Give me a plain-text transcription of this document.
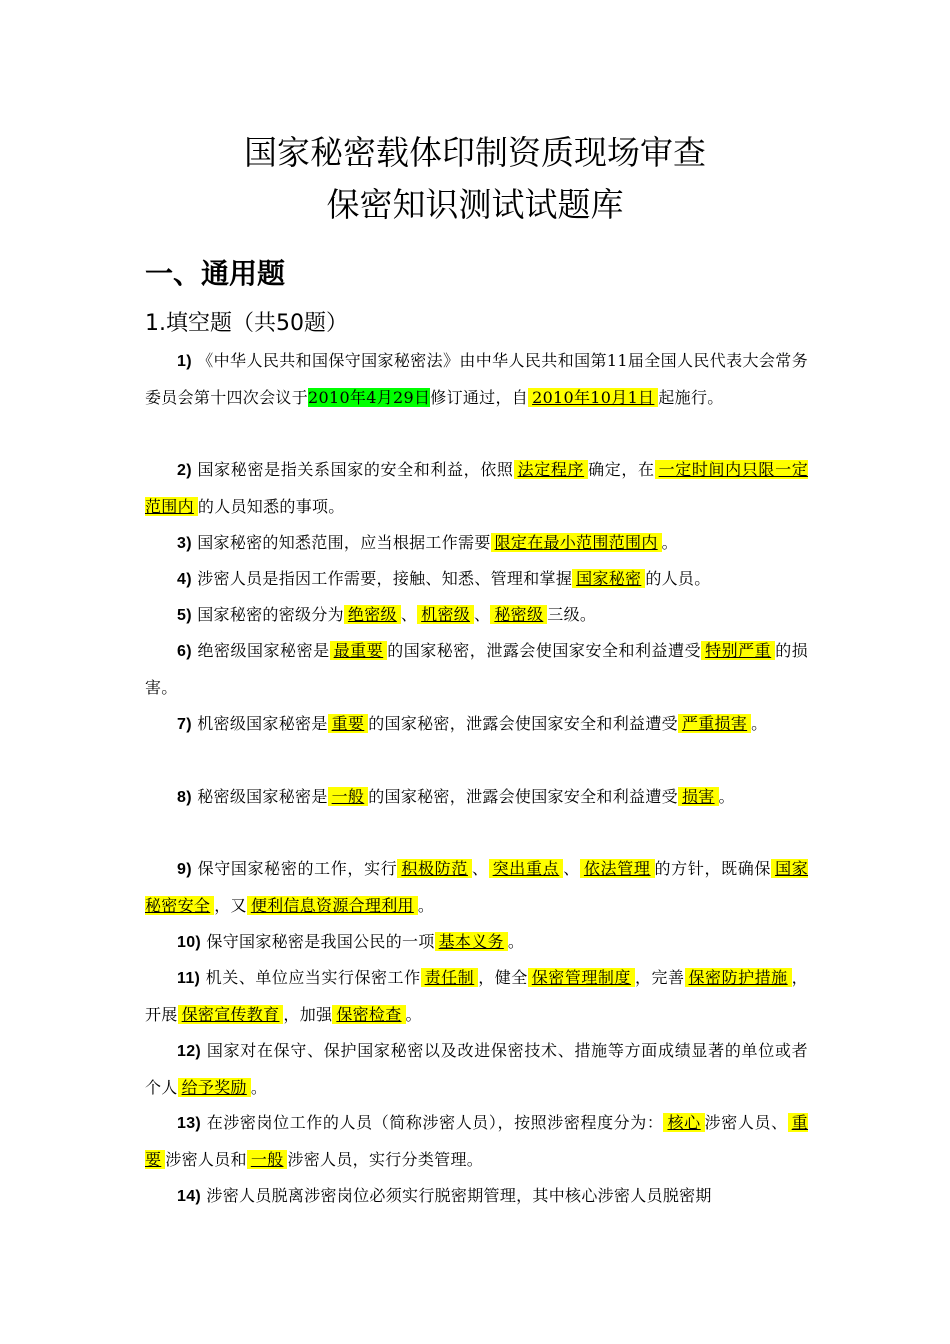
国家秘密载体印制资质现场审查
保密知识测试试题库
一、通用题
1.填空题（共50题）

1) 《中华人民共和国保守国家秘密法》由中华人民共和国第11届全国人民代表大会常务委员会第十四次会议于2010年4月29日修订通过，自 2010年10月1日 起施行。

2) 国家秘密是指关系国家的安全和利益，依照 法定程序 确定，在 一定时间内只限一定范围内 的人员知悉的事项。

3) 国家秘密的知悉范围，应当根据工作需要 限定在最小范围范围内 。

4) 涉密人员是指因工作需要，接触、知悉、管理和掌握 国家秘密 的人员。

5) 国家秘密的密级分为 绝密级 、 机密级 、 秘密级 三级。

6) 绝密级国家秘密是 最重要 的国家秘密，泄露会使国家安全和利益遭受 特别严重 的损害。

7) 机密级国家秘密是 重要 的国家秘密，泄露会使国家安全和利益遭受 严重损害 。

8) 秘密级国家秘密是 一般 的国家秘密，泄露会使国家安全和利益遭受 损害 。

9) 保守国家秘密的工作，实行 积极防范 、 突出重点 、 依法管理 的方针，既确保 国家秘密安全 ，又 便利信息资源合理利用 。

10) 保守国家秘密是我国公民的一项 基本义务 。

11) 机关、单位应当实行保密工作 责任制 ，健全 保密管理制度 ，完善 保密防护措施 ，开展 保密宣传教育 ，加强 保密检查 。

12) 国家对在保守、保护国家秘密以及改进保密技术、措施等方面成绩显著的单位或者个人 给予奖励 。

13) 在涉密岗位工作的人员（简称涉密人员），按照涉密程度分为： 核心 涉密人员、 重要 涉密人员和 一般 涉密人员，实行分类管理。

14) 涉密人员脱离涉密岗位必须实行脱密期管理，其中核心涉密人员脱密期
